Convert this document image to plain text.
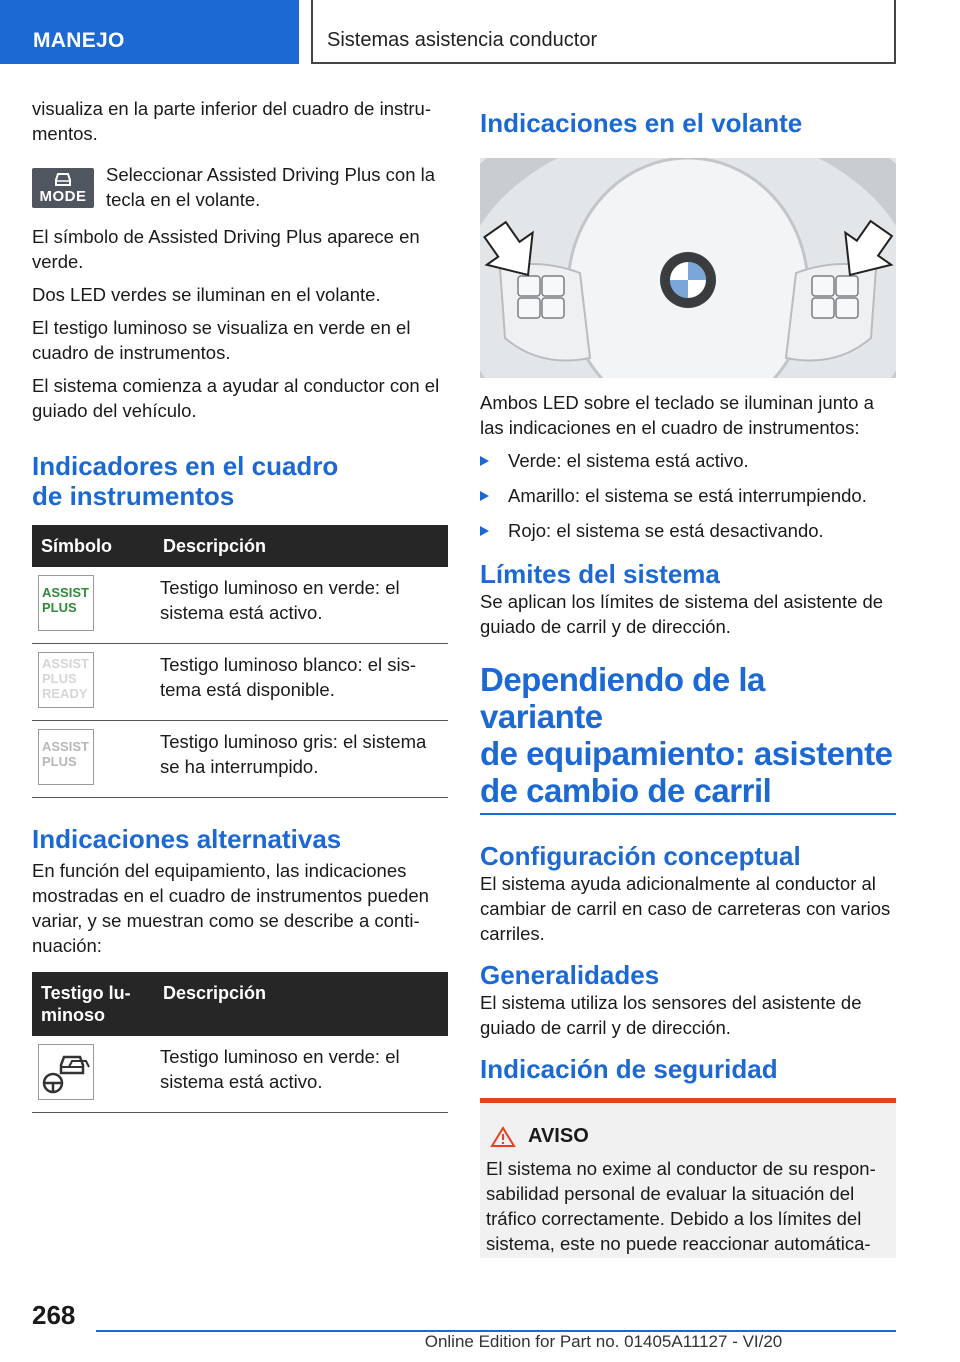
MANEJO	Sistemas asistencia conductor

visualiza en la parte inferior del cuadro de instrumentos.

MODE

Seleccionar Assisted Driving Plus con la tecla en el volante.

El símbolo de Assisted Driving Plus aparece en verde.

Dos LED verdes se iluminan en el volante.

El testigo luminoso se visualiza en verde en el cuadro de instrumentos.

El sistema comienza a ayudar al conductor con el guiado del vehículo.

Indicadores en el cuadro
de instrumentos
Símbolo	Descripción

ASSIST
PLUS	Testigo luminoso en verde: el sistema está activo.

ASSIST
PLUS
READY	Testigo luminoso blanco: el sistema está disponible.

ASSIST
PLUS	Testigo luminoso gris: el sistema se ha interrumpido.
Indicaciones alternativas

En función del equipamiento, las indicaciones mostradas en el cuadro de instrumentos pueden variar, y se muestran como se describe a continuación:

Testigo luminoso	Descripción

	Testigo luminoso en verde: el sistema está activo.
Indicaciones en el volante

Ambos LED sobre el teclado se iluminan junto a las indicaciones en el cuadro de instrumentos:

Verde: el sistema está activo.
Amarillo: el sistema se está interrumpiendo.
Rojo: el sistema se está desactivando.
Límites del sistema

Se aplican los límites de sistema del asistente de guiado de carril y de dirección.

Dependiendo de la variante
de equipamiento: asistente
de cambio de carril
Configuración conceptual

El sistema ayuda adicionalmente al conductor al cambiar de carril en caso de carreteras con varios carriles.

Generalidades

El sistema utiliza los sensores del asistente de guiado de carril y de dirección.

Indicación de seguridad
AVISO

El sistema no exime al conductor de su responsabilidad personal de evaluar la situación del tráfico correctamente. Debido a los límites del sistema, este no puede reaccionar automática-

268
Online Edition for Part no. 01405A11127 - VI/20
